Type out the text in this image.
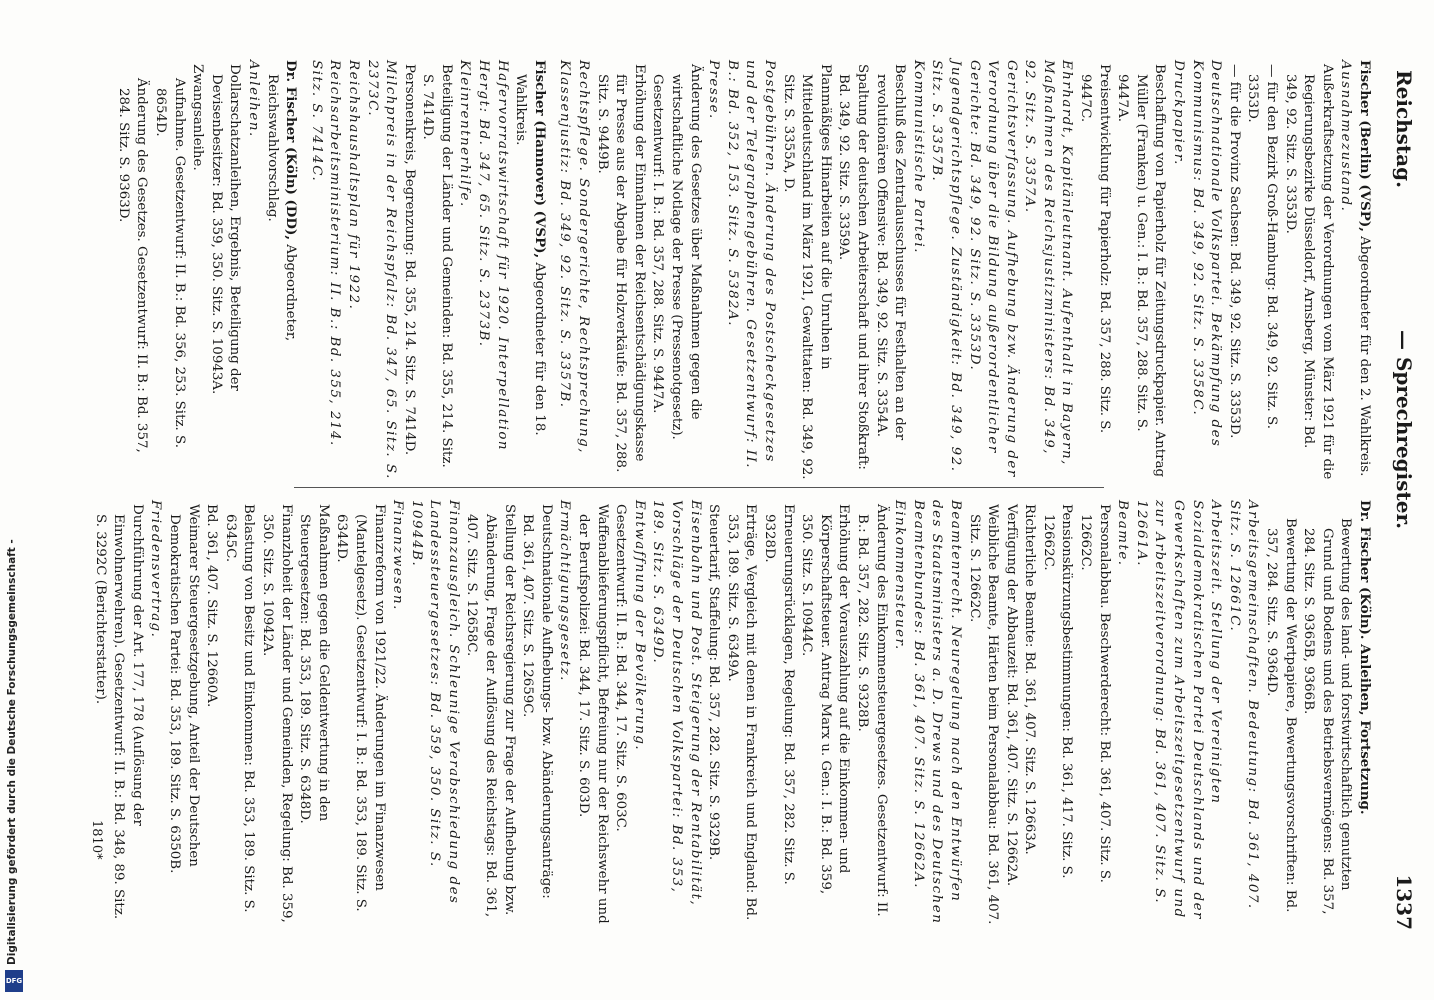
Reichstag.
— Sprechregister.
1337

Fischer (Berlin) (VSP), Abgeordneter für den 2. Wahlkreis.

Ausnahmezustand.

Außerkraftsetzung der Verordnungen vom März 1921 für die Regierungsbezirke Düsseldorf, Arnsberg, Münster: Bd. 349, 92. Sitz. S. 3353D.

— für den Bezirk Groß-Hamburg: Bd. 349, 92. Sitz. S. 3353D.

— für die Provinz Sachsen: Bd. 349, 92. Sitz. S. 3353D.

Deutschnationale Volkspartei. Bekämpfung des Kommunismus: Bd. 349, 92. Sitz. S. 3358C.

Druckpapier.

Beschaffung von Papierholz für Zeitungsdruckpapier. Antrag Müller (Franken) u. Gen.: I. B.: Bd. 357, 288. Sitz. S. 9447A.

Preisentwicklung für Papierholz: Bd. 357, 288. Sitz. S. 9447C.

Ehrhardt, Kapitänleutnant. Aufenthalt in Bayern, Maßnahmen des Reichsjustizministers: Bd. 349, 92. Sitz. S. 3357A.

Gerichtsverfassung. Aufhebung bzw. Änderung der Verordnung über die Bildung außerordentlicher Gerichte: Bd. 349, 92. Sitz. S. 3353D.

Jugendgerichtspflege. Zuständigkeit: Bd. 349, 92. Sitz. S. 3357B.

Kommunistische Partei.

Beschluß des Zentralausschusses für Festhalten an der revolutionären Offensive: Bd. 349, 92. Sitz. S. 3354A.

Spaltung der deutschen Arbeiterschaft und ihrer Stoßkraft: Bd. 349, 92. Sitz. S. 3359A.

Planmäßiges Hinarbeiten auf die Unruhen in Mitteldeutschland im März 1921, Gewalttaten: Bd. 349, 92. Sitz. S. 3355A, D.

Postgebühren. Änderung des Postscheckgesetzes und der Telegraphengebühren. Gesetzentwurf: II. B.: Bd. 352, 153. Sitz. S. 5382A.

Presse.

Änderung des Gesetzes über Maßnahmen gegen die wirtschaftliche Notlage der Presse (Pressenotgesetz). Gesetzentwurf: I. B.: Bd. 357, 288. Sitz. S. 9447A.

Erhöhung der Einnahmen der Reichsentschädigungskasse für Presse aus der Abgabe für Holzverkäufe: Bd. 357, 288. Sitz. S. 9449B.

Rechtspflege. Sondergerichte, Rechtsprechung, Klassenjustiz: Bd. 349, 92. Sitz. S. 3357B.

Fischer (Hannover) (VSP), Abgeordneter für den 18. Wahlkreis.

Hafervorratswirtschaft für 1920. Interpellation Hergt: Bd. 347, 65. Sitz. S. 2373B.

Kleinrentnerhilfe.

Beteiligung der Länder und Gemeinden: Bd. 355, 214. Sitz. S. 7414D.

Personenkreis, Begrenzung: Bd. 355, 214. Sitz. S. 7414D.

Milchpreis in der Reichspfalz: Bd. 347, 65. Sitz. S. 2373C.

Reichshaushaltsplan für 1922. Reichsarbeitsministerium: II. B.: Bd. 355, 214. Sitz. S. 7414C.

Dr. Fischer (Köln) (DD), Abgeordneter, Reichswahlvorschlag.

Anleihen.

Dollarschatzanleihen, Ergebnis, Beteiligung der Devisenbesitzer: Bd. 359, 350. Sitz. S. 10943A.

Zwangsanleihe.

Aufnahme. Gesetzentwurf: II. B.: Bd. 356, 253. Sitz. S. 8654D.

Änderung des Gesetzes. Gesetzentwurf: II. B.: Bd. 357, 284. Sitz. S. 9363D.

Dr. Fischer (Köln). Anleihen, Fortsetzung.

Bewertung des land- und forstwirtschaftlich genutzten Grund und Bodens und des Betriebsvermögens: Bd. 357, 284. Sitz. S. 9365B, 9366B.

Bewertung der Wertpapiere, Bewertungsvorschriften: Bd. 357, 284. Sitz. S. 9364D.

Arbeitsgemeinschaften. Bedeutung: Bd. 361, 407. Sitz. S. 12661C.

Arbeitszeit. Stellung der Vereinigten Sozialdemokratischen Partei Deutschlands und der Gewerkschaften zum Arbeitszeitgesetzentwurf und zur Arbeitszeitverordnung: Bd. 361, 407. Sitz. S. 12661A.

Beamte.

Personalabbau. Beschwerderecht: Bd. 361, 407. Sitz. S. 12662C.

Pensionskürzungsbestimmungen: Bd. 361, 417. Sitz. S. 12662C.

Richterliche Beamte: Bd. 361, 407. Sitz. S. 12663A.

Verfügung der Abbauzeit: Bd. 361, 407. Sitz. S. 12662A.

Weibliche Beamte, Härten beim Personalabbau: Bd. 361, 407. Sitz. S. 12662C.

Beamtenrecht. Neuregelung nach den Entwürfen des Staatsministers a. D. Drews und des Deutschen Beamtenbundes: Bd. 361, 407. Sitz. S. 12662A.

Einkommensteuer.

Änderung des Einkommensteuergesetzes. Gesetzentwurf: II. B.: Bd. 357, 282. Sitz. S. 9328B.

Erhöhung der Vorauszahlung auf die Einkommen- und Körperschaftsteuer. Antrag Marx u. Gen.: I. B.: Bd. 359, 350. Sitz. S. 10944C.

Erneuerungsrücklagen, Regelung: Bd. 357, 282. Sitz. S. 9328D.

Erträge, Vergleich mit denen in Frankreich und England: Bd. 353, 189. Sitz. S. 6349A.

Steuertarif, Staffelung: Bd. 357, 282. Sitz. S. 9329B.

Eisenbahn und Post. Steigerung der Rentabilität, Vorschläge der Deutschen Volkspartei: Bd. 353, 189. Sitz. S. 6349D.

Entwaffnung der Bevölkerung.

Gesetzentwurf: II. B.: Bd. 344, 17. Sitz. S. 603C.

Waffenablieferungspflicht, Befreiung nur der Reichswehr und der Berufspolizei: Bd. 344, 17. Sitz. S. 603D.

Ermächtigungsgesetz.

Deutschnationale Aufhebungs- bzw. Abänderungsanträge: Bd. 361, 407. Sitz. S. 12659C.

Stellung der Reichsregierung zur Frage der Aufhebung bzw. Abänderung, Frage der Auflösung des Reichstags: Bd. 361, 407. Sitz. S. 12658C.

Finanzausgleich. Schleunige Verabschiedung des Landessteuergesetzes: Bd. 359, 350. Sitz. S. 10944B.

Finanzwesen.

Finanzreform von 1921/22. Änderungen im Finanzwesen (Mantelgesetz). Gesetzentwurf: I. B.: Bd. 353, 189. Sitz. S. 6344D.

Maßnahmen gegen die Geldentwertung in den Steuergesetzen: Bd. 353, 189. Sitz. S. 6348D.

Finanzhoheit der Länder und Gemeinden, Regelung: Bd. 359, 350. Sitz. S. 10942A.

Belastung von Besitz und Einkommen: Bd. 353, 189. Sitz. S. 6345C.

Bd. 361, 407. Sitz. S. 12660A.

Weimarer Steuergesetzgebung, Anteil der Deutschen Demokratischen Partei: Bd. 353, 189. Sitz. S. 6350B.

Friedensvertrag.

Durchführung der Art. 177, 178 (Auflösung der Einwohnerwehren). Gesetzentwurf: II. B.: Bd. 348, 89. Sitz. S. 3292C (Berichterstatter).

1810*
Digitalisierung gefördert durch die Deutsche Forschungsgemeinschaft -
DFG
